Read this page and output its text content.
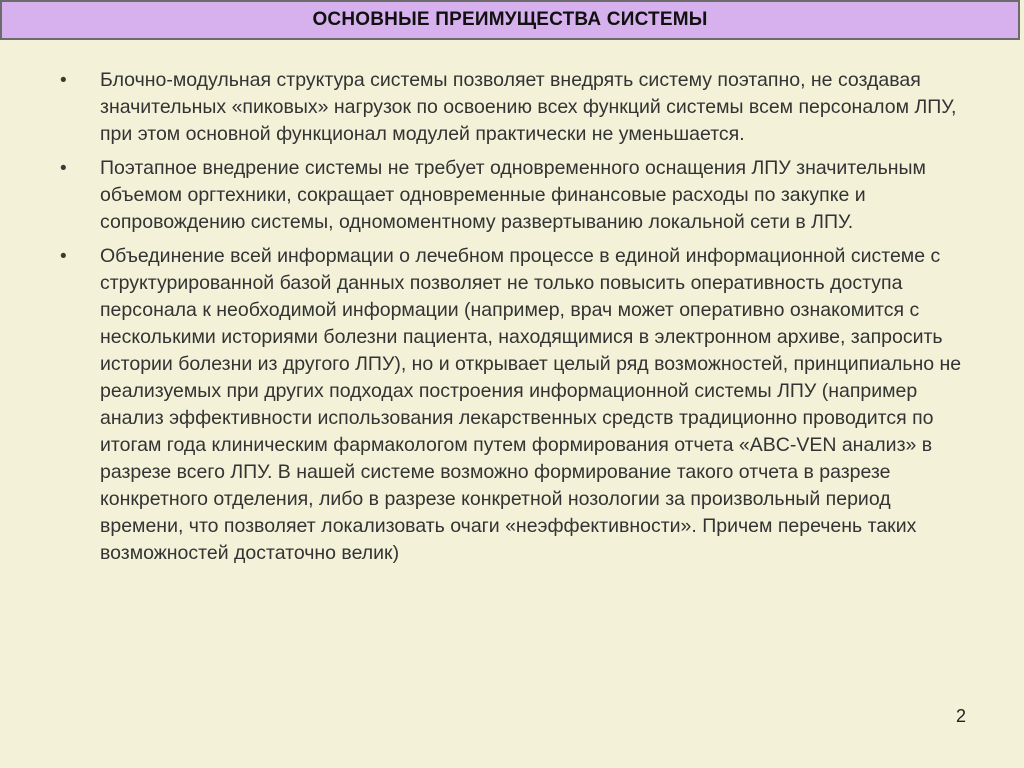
ОСНОВНЫЕ ПРЕИМУЩЕСТВА СИСТЕМЫ
•	Блочно-модульная структура системы позволяет внедрять систему поэтапно, не создавая значительных «пиковых» нагрузок по освоению всех функций системы всем персоналом ЛПУ, при этом основной функционал модулей практически не уменьшается.
•	Поэтапное внедрение системы не требует одновременного оснащения ЛПУ значительным объемом оргтехники, сокращает одновременные финансовые расходы по закупке и сопровождению системы, одномоментному развертыванию локальной сети в ЛПУ.
•	Объединение всей информации о лечебном процессе в единой информационной системе с структурированной базой данных позволяет не только повысить оперативность доступа персонала к необходимой информации (например, врач может оперативно ознакомится с несколькими историями болезни пациента, находящимися в электронном архиве, запросить истории болезни из другого ЛПУ), но и открывает целый ряд возможностей, принципиально не реализуемых при других подходах построения информационной системы ЛПУ (например анализ эффективности использования лекарственных средств традиционно проводится по итогам года клиническим фармакологом путем формирования отчета «ABC-VEN анализ» в разрезе всего ЛПУ. В нашей системе возможно формирование такого отчета в разрезе конкретного отделения, либо в разрезе конкретной нозологии за произвольный период времени, что позволяет локализовать очаги «неэффективности». Причем перечень таких возможностей достаточно велик)
2
